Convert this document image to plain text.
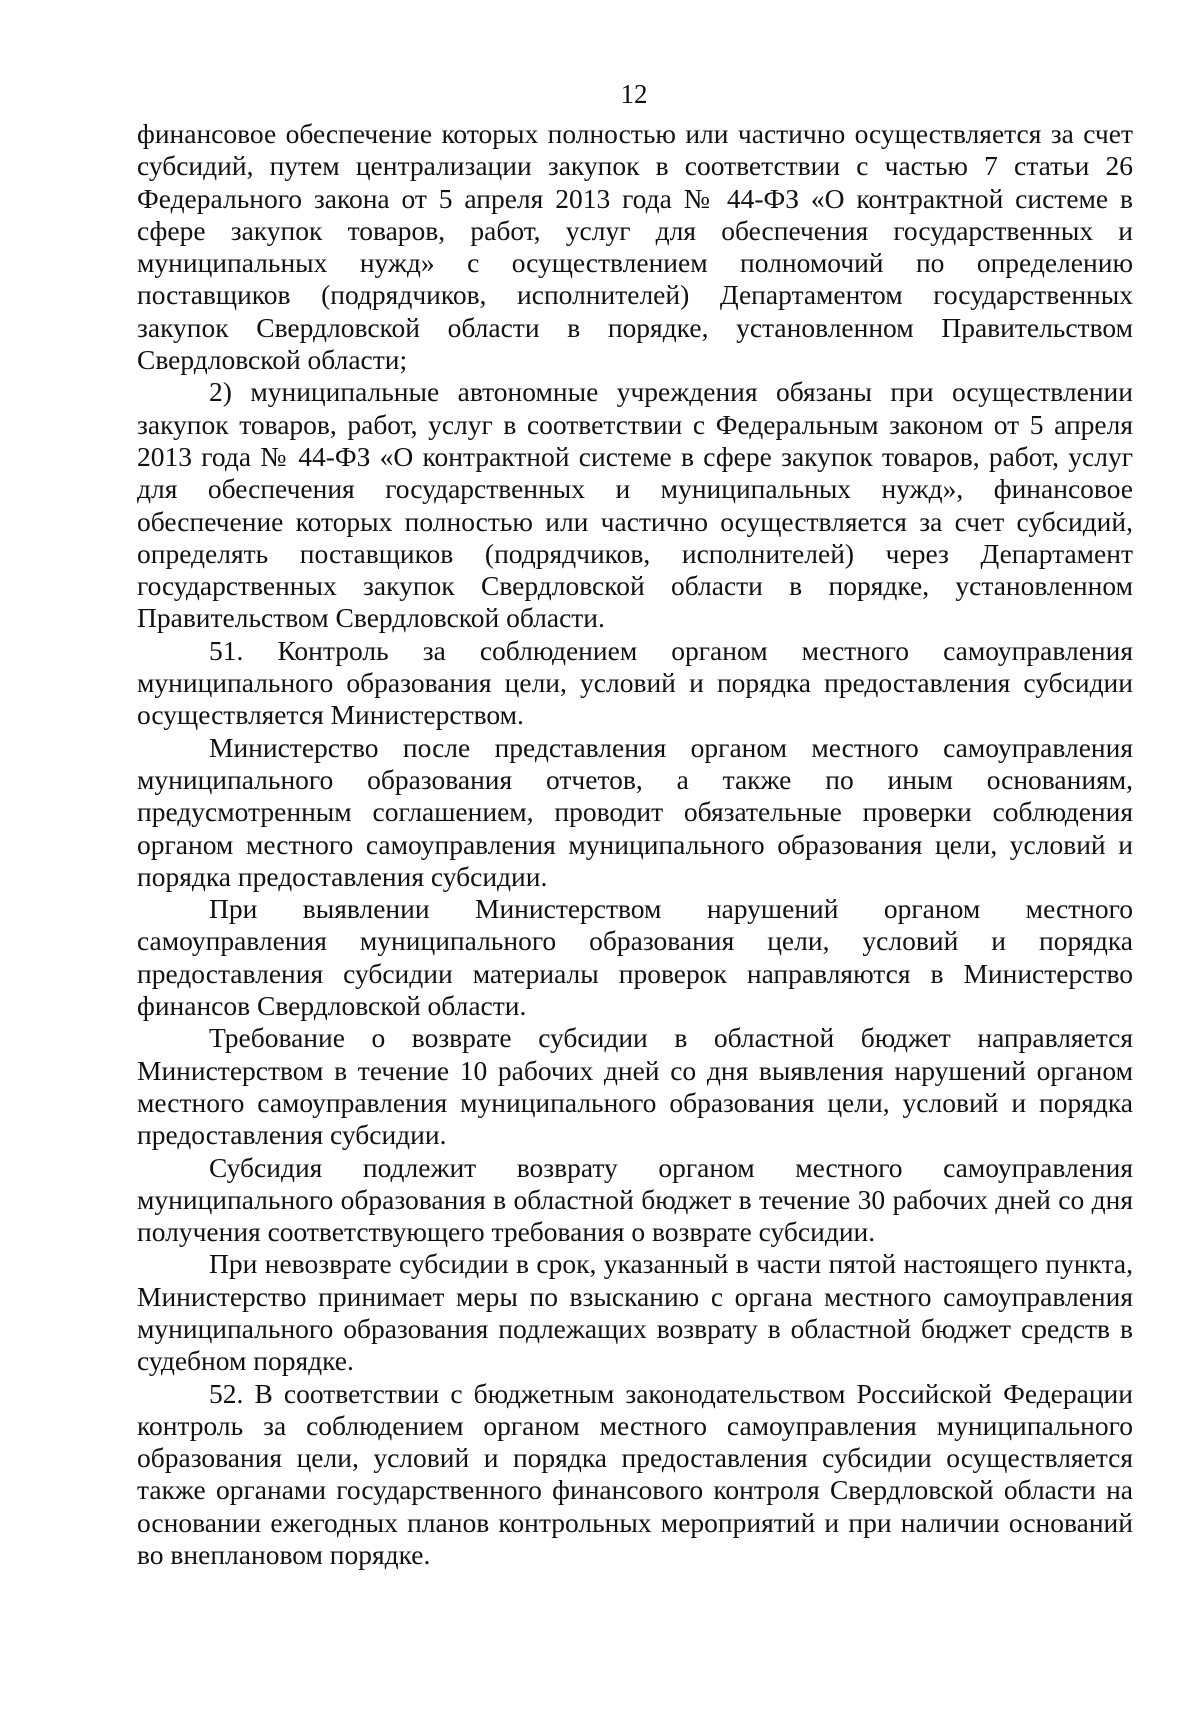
12

финансовое обеспечение которых полностью или частично осуществляется за счет субсидий, путем централизации закупок в соответствии с частью 7 статьи 26 Федерального закона от 5 апреля 2013 года № 44-ФЗ «О контрактной системе в сфере закупок товаров, работ, услуг для обеспечения государственных и муниципальных нужд» с осуществлением полномочий по определению поставщиков (подрядчиков, исполнителей) Департаментом государственных закупок Свердловской области в порядке, установленном Правительством Свердловской области;

2) муниципальные автономные учреждения обязаны при осуществлении закупок товаров, работ, услуг в соответствии с Федеральным законом от 5 апреля 2013 года № 44-ФЗ «О контрактной системе в сфере закупок товаров, работ, услуг для обеспечения государственных и муниципальных нужд», финансовое обеспечение которых полностью или частично осуществляется за счет субсидий, определять поставщиков (подрядчиков, исполнителей) через Департамент государственных закупок Свердловской области в порядке, установленном Правительством Свердловской области.

51. Контроль за соблюдением органом местного самоуправления муниципального образования цели, условий и порядка предоставления субсидии осуществляется Министерством.

Министерство после представления органом местного самоуправления муниципального образования отчетов, а также по иным основаниям, предусмотренным соглашением, проводит обязательные проверки соблюдения органом местного самоуправления муниципального образования цели, условий и порядка предоставления субсидии.

При выявлении Министерством нарушений органом местного самоуправления муниципального образования цели, условий и порядка предоставления субсидии материалы проверок направляются в Министерство финансов Свердловской области.

Требование о возврате субсидии в областной бюджет направляется Министерством в течение 10 рабочих дней со дня выявления нарушений органом местного самоуправления муниципального образования цели, условий и порядка предоставления субсидии.

Субсидия подлежит возврату органом местного самоуправления муниципального образования в областной бюджет в течение 30 рабочих дней со дня получения соответствующего требования о возврате субсидии.

При невозврате субсидии в срок, указанный в части пятой настоящего пункта, Министерство принимает меры по взысканию с органа местного самоуправления муниципального образования подлежащих возврату в областной бюджет средств в судебном порядке.

52. В соответствии с бюджетным законодательством Российской Федерации контроль за соблюдением органом местного самоуправления муниципального образования цели, условий и порядка предоставления субсидии осуществляется также органами государственного финансового контроля Свердловской области на основании ежегодных планов контрольных мероприятий и при наличии оснований во внеплановом порядке.
